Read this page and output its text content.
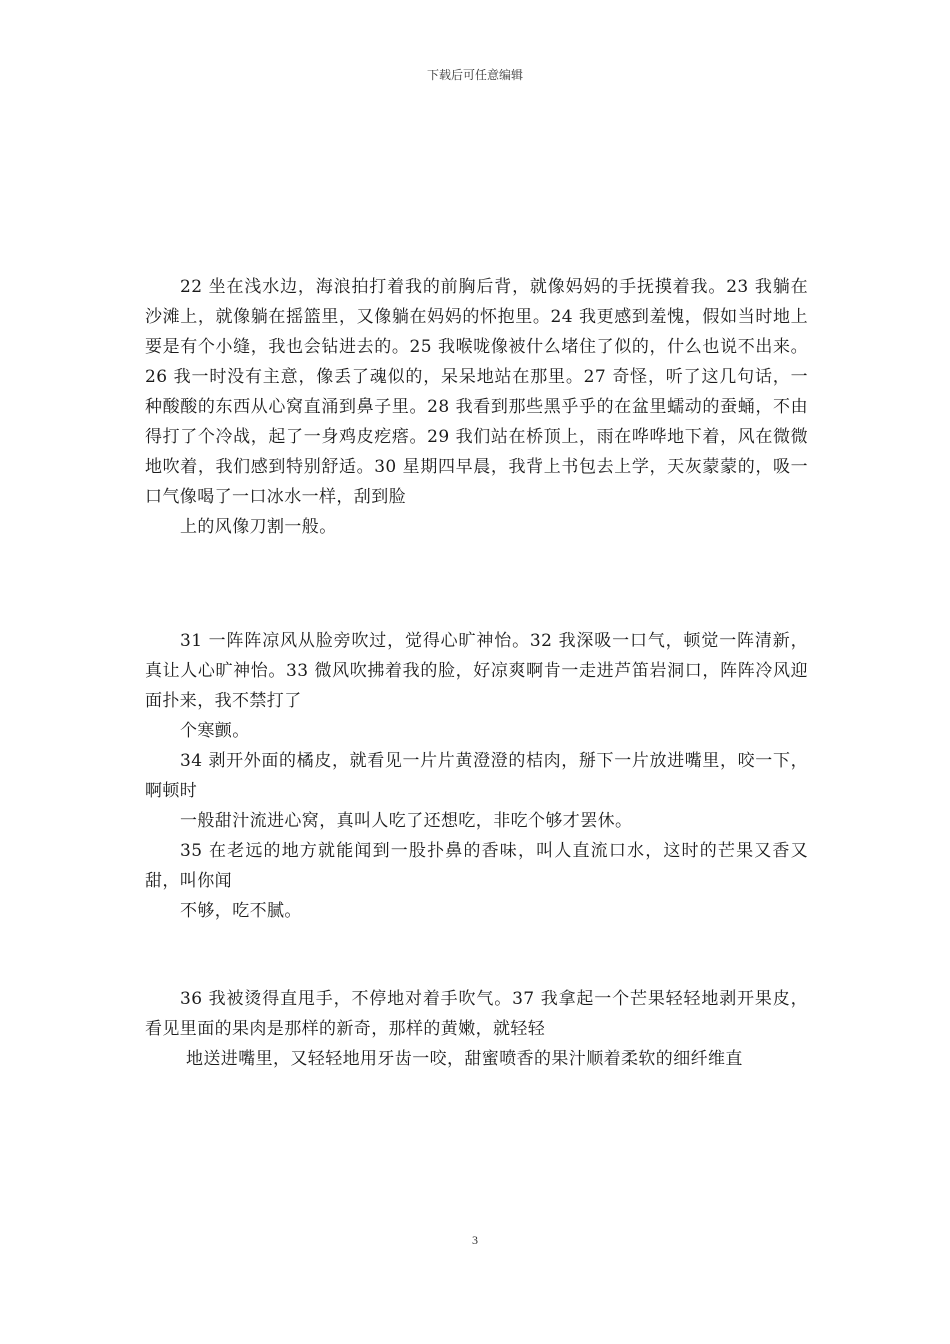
下载后可任意编辑

22 坐在浅水边，海浪拍打着我的前胸后背，就像妈妈的手抚摸着我。23 我躺在沙滩上，就像躺在摇篮里，又像躺在妈妈的怀抱里。24 我更感到羞愧，假如当时地上要是有个小缝，我也会钻进去的。25 我喉咙像被什么堵住了似的，什么也说不出来。26 我一时没有主意，像丢了魂似的，呆呆地站在那里。27 奇怪，听了这几句话，一种酸酸的东西从心窝直涌到鼻子里。28 我看到那些黑乎乎的在盆里蠕动的蚕蛹，不由得打了个冷战，起了一身鸡皮疙瘩。29 我们站在桥顶上，雨在哗哗地下着，风在微微地吹着，我们感到特别舒适。30 星期四早晨，我背上书包去上学，天灰蒙蒙的，吸一口气像喝了一口冰水一样，刮到脸

上的风像刀割一般。

31 一阵阵凉风从脸旁吹过，觉得心旷神怡。32 我深吸一口气，顿觉一阵清新，真让人心旷神怡。33 微风吹拂着我的脸，好凉爽啊肯一走进芦笛岩洞口，阵阵冷风迎面扑来，我不禁打了

个寒颤。

34 剥开外面的橘皮，就看见一片片黄澄澄的桔肉，掰下一片放进嘴里，咬一下，啊顿时

一般甜汁流进心窝，真叫人吃了还想吃，非吃个够才罢休。

35 在老远的地方就能闻到一股扑鼻的香味，叫人直流口水，这时的芒果又香又甜，叫你闻

不够，吃不腻。

36 我被烫得直甩手，不停地对着手吹气。37 我拿起一个芒果轻轻地剥开果皮，看见里面的果肉是那样的新奇，那样的黄嫩，就轻轻

地送进嘴里，又轻轻地用牙齿一咬，甜蜜喷香的果汁顺着柔软的细纤维直

3
